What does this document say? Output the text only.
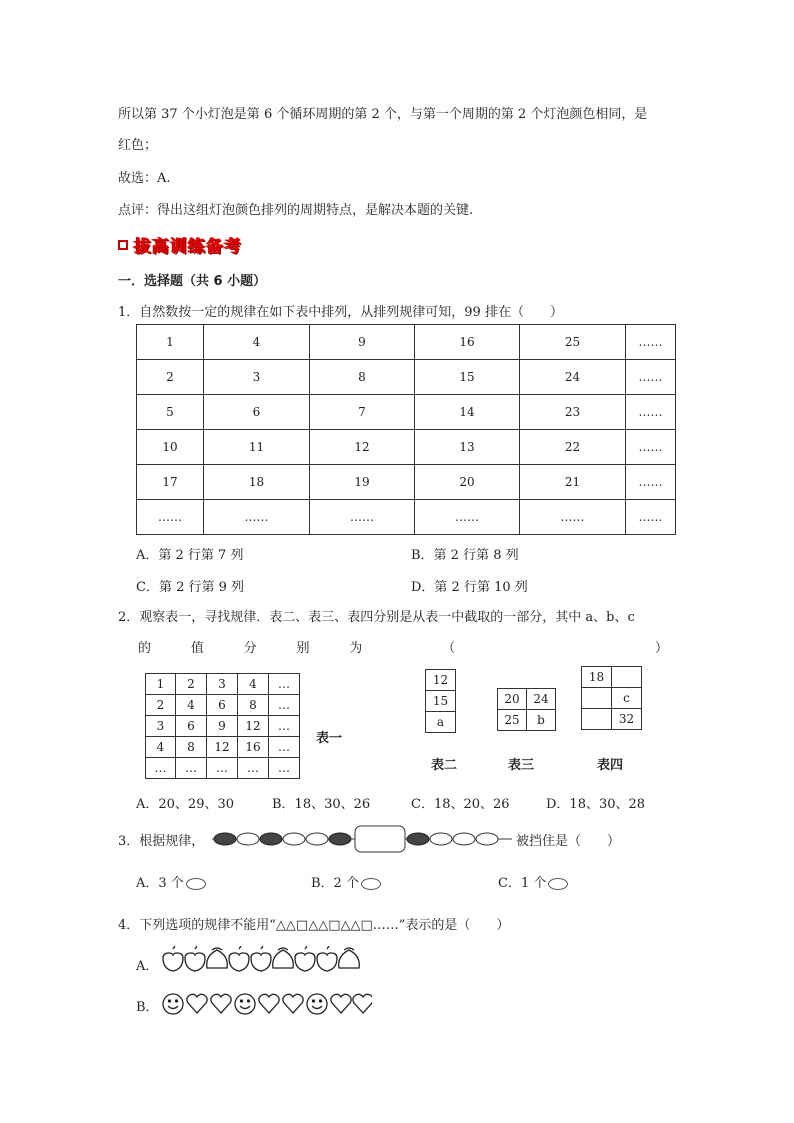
所以第 37 个小灯泡是第 6 个循环周期的第 2 个，与第一个周期的第 2 个灯泡颜色相同，是
红色；
故选：A.
点评：得出这组灯泡颜色排列的周期特点，是解决本题的关键.
拔高训练备考
一．选择题（共 6 小题）
1．自然数按一定的规律在如下表中排列，从排列规律可知，99 排在（　　）
1	4	9	16	25	……
2	3	8	15	24	……
5	6	7	14	23	……
10	11	12	13	22	……
17	18	19	20	21	……
……	……	……	……	……	……
A．第 2 行第 7 列	B．第 2 行第 8 列
C．第 2 行第 9 列	D．第 2 行第 10 列
2．观察表一，寻找规律．表二、表三、表四分别是从表一中截取的一部分，其中 a、b、c
的	值	分	别	为	（	）
1	2	3	4	…
2	4	6	8	…
3	6	9	12	…
4	8	12	16	…
…	…	…	…	…
表一
12
15
a
表二
20	24
25	b
表三
18	
	c
	32
表四
A．20、29、30	B．18、30、26	C．18、20、26	D．18、30、28
3．根据规律，	被挡住是（　　）
A．3 个	B．2 个	C．1 个
4．下列选项的规律不能用“△△□△△□△△□……”表示的是（　　）
A．
B．
